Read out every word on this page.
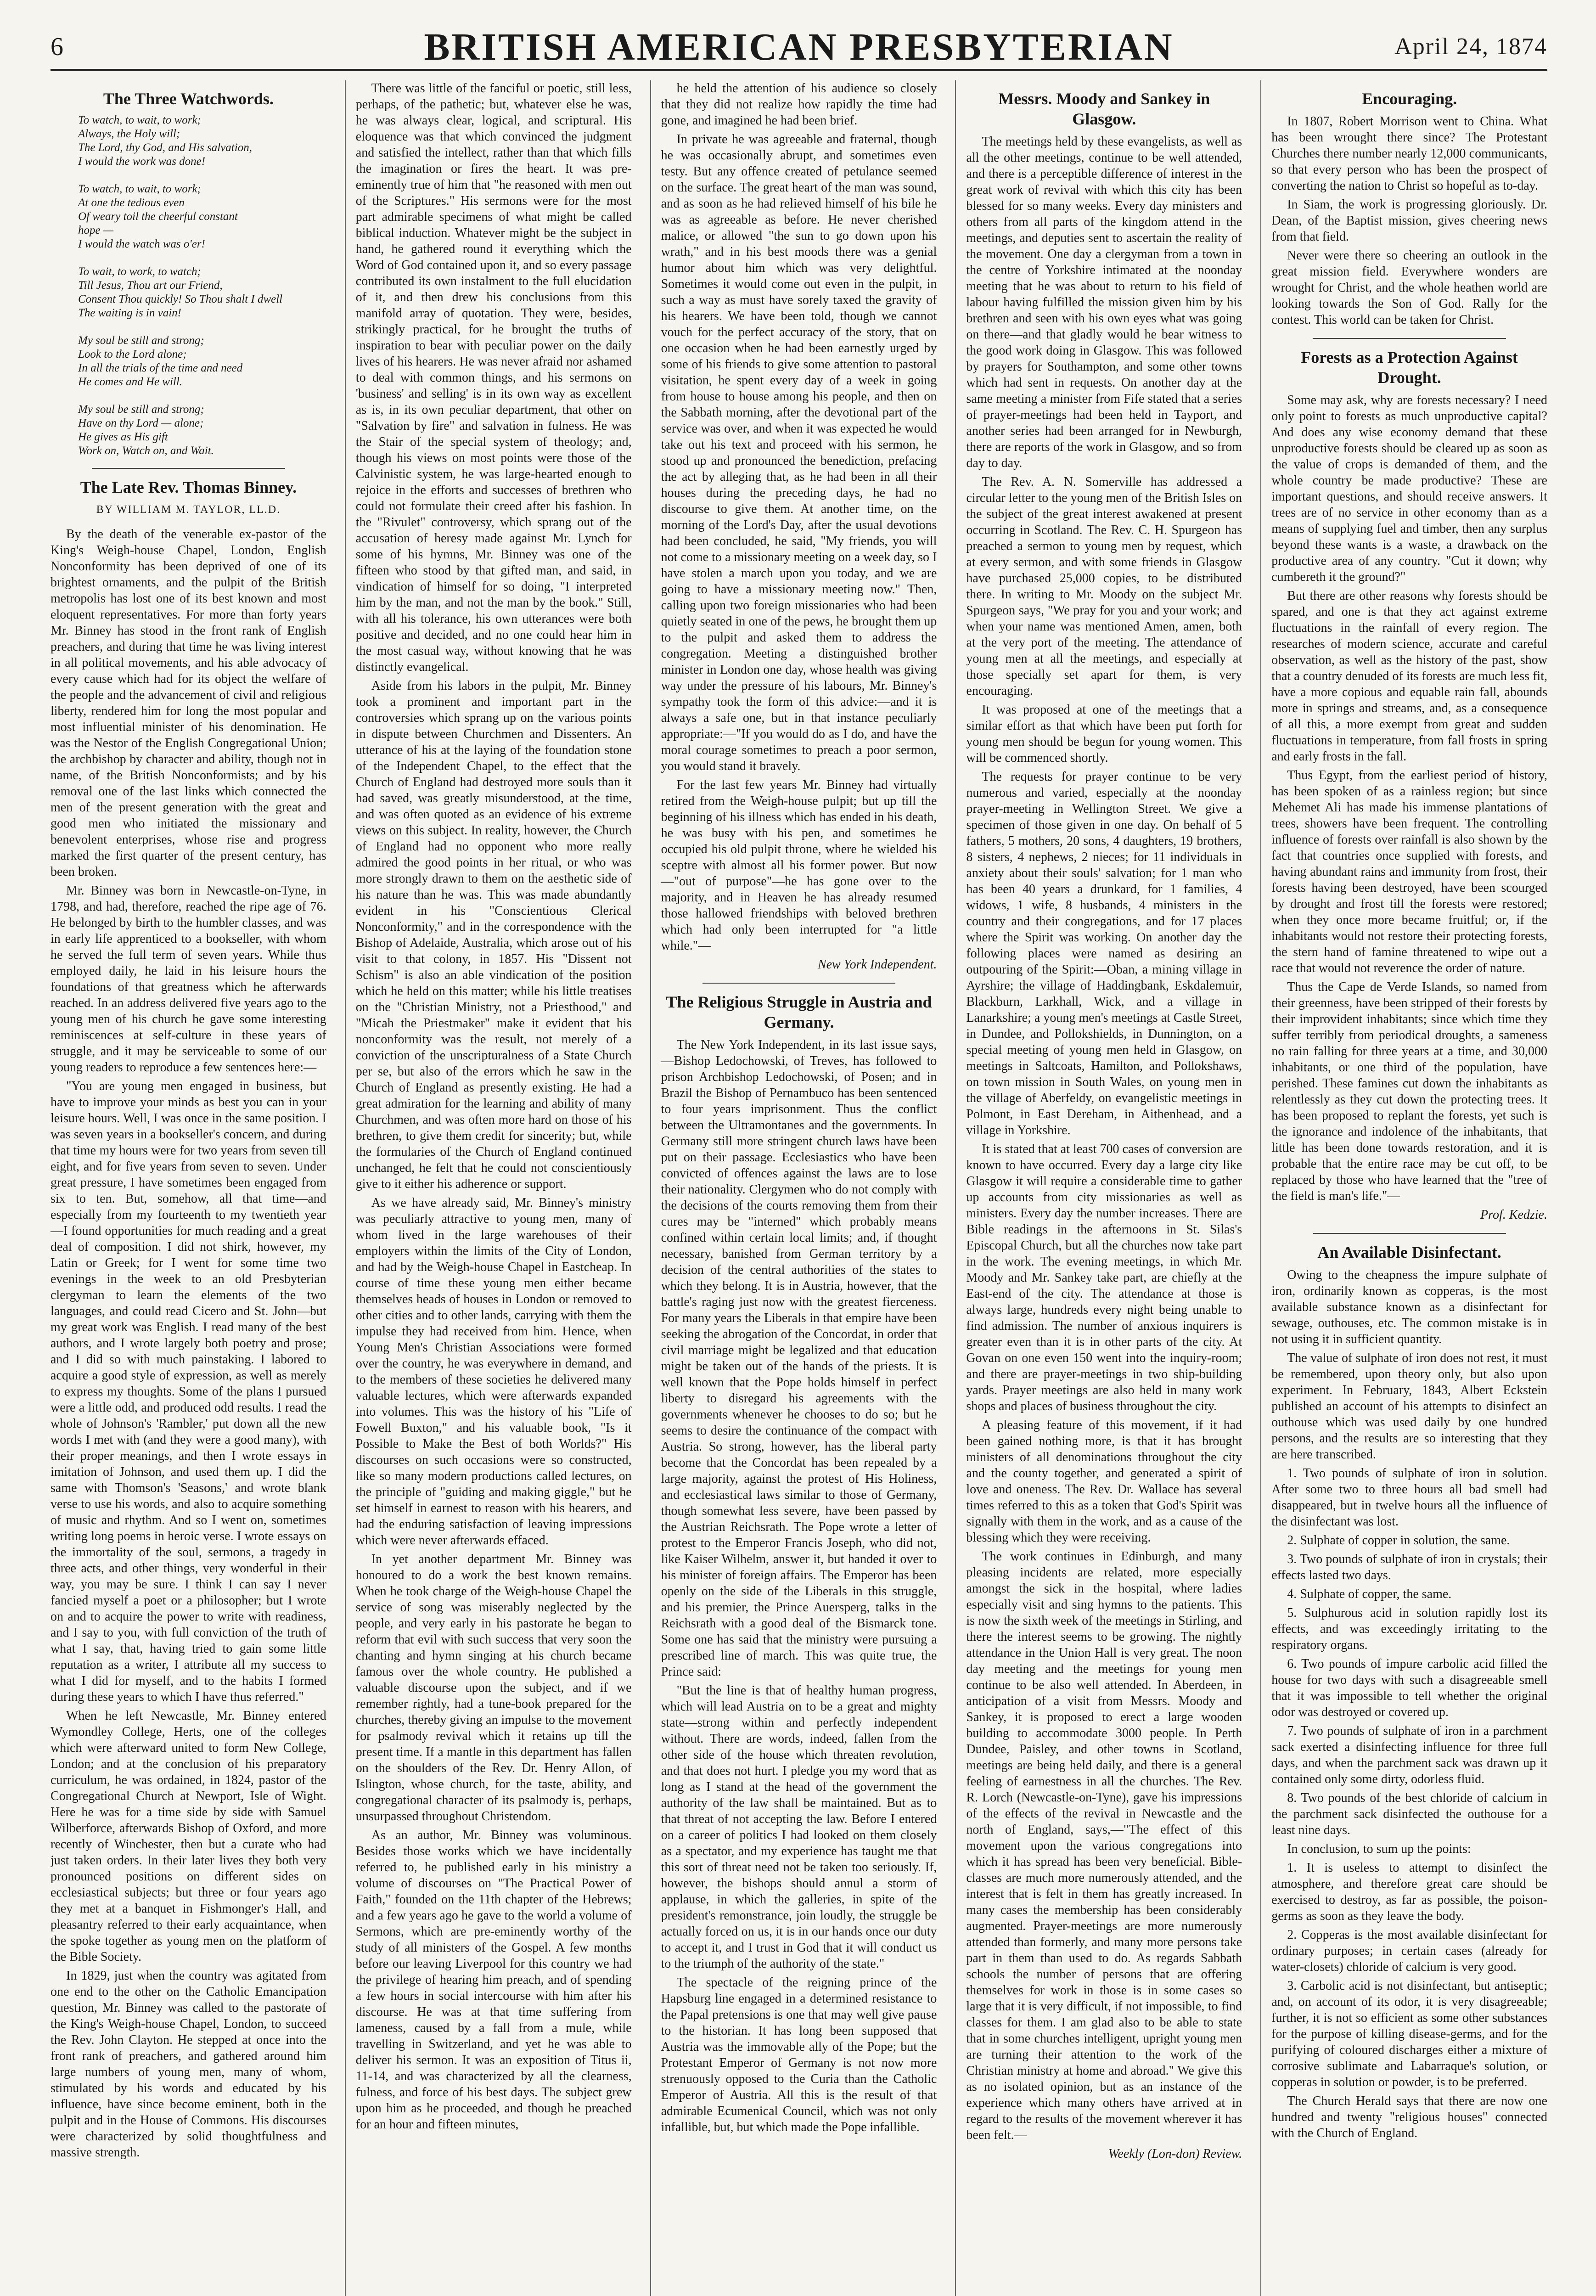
6	BRITISH AMERICAN PRESBYTERIAN	April 24, 1874
The Three Watchwords.
To watch, to wait, to work;
Always, the Holy will;
The Lord, thy God, and His salvation,
I would the work was done!

To watch, to wait, to work;
At one the tedious even
Of weary toil the cheerful constant
hope —
I would the watch was o'er!

To wait, to work, to watch;
Till Jesus, Thou art our Friend,
Consent Thou quickly! So Thou shalt I dwell
The waiting is in vain!

My soul be still and strong;
Look to the Lord alone;
In all the trials of the time and need
He comes and He will.

My soul be still and strong;
Have on thy Lord — alone;
He gives as His gift
Work on, Watch on, and Wait.
The Late Rev. Thomas Binney.
BY WILLIAM M. TAYLOR, LL.D.

By the death of the venerable ex-pastor of the King's Weigh-house Chapel, London, English Nonconformity has been deprived of one of its brightest ornaments, and the pulpit of the British metropolis has lost one of its best known and most eloquent representatives. For more than forty years Mr. Binney has stood in the front rank of English preachers, and during that time he was living interest in all political movements, and his able advocacy of every cause which had for its object the welfare of the people and the advancement of civil and religious liberty, rendered him for long the most popular and most influential minister of his denomination. He was the Nestor of the English Congregational Union; the archbishop by character and ability, though not in name, of the British Nonconformists; and by his removal one of the last links which connected the men of the present generation with the great and good men who initiated the missionary and benevolent enterprises, whose rise and progress marked the first quarter of the present century, has been broken.

Mr. Binney was born in Newcastle-on-Tyne, in 1798, and had, therefore, reached the ripe age of 76. He belonged by birth to the humbler classes, and was in early life apprenticed to a bookseller, with whom he served the full term of seven years. While thus employed daily, he laid in his leisure hours the foundations of that greatness which he afterwards reached. In an address delivered five years ago to the young men of his church he gave some interesting reminiscences at self-culture in these years of struggle, and it may be serviceable to some of our young readers to reproduce a few sentences here:—

"You are young men engaged in business, but have to improve your minds as best you can in your leisure hours. Well, I was once in the same position. I was seven years in a bookseller's concern, and during that time my hours were for two years from seven till eight, and for five years from seven to seven. Under great pressure, I have sometimes been engaged from six to ten. But, somehow, all that time—and especially from my fourteenth to my twentieth year—I found opportunities for much reading and a great deal of composition. I did not shirk, however, my Latin or Greek; for I went for some time two evenings in the week to an old Presbyterian clergyman to learn the elements of the two languages, and could read Cicero and St. John—but my great work was English. I read many of the best authors, and I wrote largely both poetry and prose; and I did so with much painstaking. I labored to acquire a good style of expression, as well as merely to express my thoughts. Some of the plans I pursued were a little odd, and produced odd results. I read the whole of Johnson's 'Rambler,' put down all the new words I met with (and they were a good many), with their proper meanings, and then I wrote essays in imitation of Johnson, and used them up. I did the same with Thomson's 'Seasons,' and wrote blank verse to use his words, and also to acquire something of music and rhythm. And so I went on, sometimes writing long poems in heroic verse. I wrote essays on the immortality of the soul, sermons, a tragedy in three acts, and other things, very wonderful in their way, you may be sure. I think I can say I never fancied myself a poet or a philosopher; but I wrote on and to acquire the power to write with readiness, and I say to you, with full conviction of the truth of what I say, that, having tried to gain some little reputation as a writer, I attribute all my success to what I did for myself, and to the habits I formed during these years to which I have thus referred."

When he left Newcastle, Mr. Binney entered Wymondley College, Herts, one of the colleges which were afterward united to form New College, London; and at the conclusion of his preparatory curriculum, he was ordained, in 1824, pastor of the Congregational Church at Newport, Isle of Wight. Here he was for a time side by side with Samuel Wilberforce, afterwards Bishop of Oxford, and more recently of Winchester, then but a curate who had just taken orders. In their later lives they both very pronounced positions on different sides on ecclesiastical subjects; but three or four years ago they met at a banquet in Fishmonger's Hall, and pleasantry referred to their early acquaintance, when the spoke together as young men on the platform of the Bible Society.

In 1829, just when the country was agitated from one end to the other on the Catholic Emancipation question, Mr. Binney was called to the pastorate of the King's Weigh-house Chapel, London, to succeed the Rev. John Clayton. He stepped at once into the front rank of preachers, and gathered around him large numbers of young men, many of whom, stimulated by his words and educated by his influence, have since become eminent, both in the pulpit and in the House of Commons. His discourses were characterized by solid thoughtfulness and massive strength.

There was little of the fanciful or poetic, still less, perhaps, of the pathetic; but, whatever else he was, he was always clear, logical, and scriptural. His eloquence was that which convinced the judgment and satisfied the intellect, rather than that which fills the imagination or fires the heart. It was pre-eminently true of him that "he reasoned with men out of the Scriptures." His sermons were for the most part admirable specimens of what might be called biblical induction. Whatever might be the subject in hand, he gathered round it everything which the Word of God contained upon it, and so every passage contributed its own instalment to the full elucidation of it, and then drew his conclusions from this manifold array of quotation. They were, besides, strikingly practical, for he brought the truths of inspiration to bear with peculiar power on the daily lives of his hearers. He was never afraid nor ashamed to deal with common things, and his sermons on 'business' and selling' is in its own way as excellent as is, in its own peculiar department, that other on "Salvation by fire" and salvation in fulness. He was the Stair of the special system of theology; and, though his views on most points were those of the Calvinistic system, he was large-hearted enough to rejoice in the efforts and successes of brethren who could not formulate their creed after his fashion. In the "Rivulet" controversy, which sprang out of the accusation of heresy made against Mr. Lynch for some of his hymns, Mr. Binney was one of the fifteen who stood by that gifted man, and said, in vindication of himself for so doing, "I interpreted him by the man, and not the man by the book." Still, with all his tolerance, his own utterances were both positive and decided, and no one could hear him in the most casual way, without knowing that he was distinctly evangelical.

Aside from his labors in the pulpit, Mr. Binney took a prominent and important part in the controversies which sprang up on the various points in dispute between Churchmen and Dissenters. An utterance of his at the laying of the foundation stone of the Independent Chapel, to the effect that the Church of England had destroyed more souls than it had saved, was greatly misunderstood, at the time, and was often quoted as an evidence of his extreme views on this subject. In reality, however, the Church of England had no opponent who more really admired the good points in her ritual, or who was more strongly drawn to them on the aesthetic side of his nature than he was. This was made abundantly evident in his "Conscientious Clerical Nonconformity," and in the correspondence with the Bishop of Adelaide, Australia, which arose out of his visit to that colony, in 1857. His "Dissent not Schism" is also an able vindication of the position which he held on this matter; while his little treatises on the "Christian Ministry, not a Priesthood," and "Micah the Priestmaker" make it evident that his nonconformity was the result, not merely of a conviction of the unscripturalness of a State Church per se, but also of the errors which he saw in the Church of England as presently existing. He had a great admiration for the learning and ability of many Churchmen, and was often more hard on those of his brethren, to give them credit for sincerity; but, while the formularies of the Church of England continued unchanged, he felt that he could not conscientiously give to it either his adherence or support.

As we have already said, Mr. Binney's ministry was peculiarly attractive to young men, many of whom lived in the large warehouses of their employers within the limits of the City of London, and had by the Weigh-house Chapel in Eastcheap. In course of time these young men either became themselves heads of houses in London or removed to other cities and to other lands, carrying with them the impulse they had received from him. Hence, when Young Men's Christian Associations were formed over the country, he was everywhere in demand, and to the members of these societies he delivered many valuable lectures, which were afterwards expanded into volumes. This was the history of his "Life of Fowell Buxton," and his valuable book, "Is it Possible to Make the Best of both Worlds?" His discourses on such occasions were so constructed, like so many modern productions called lectures, on the principle of "guiding and making giggle," but he set himself in earnest to reason with his hearers, and had the enduring satisfaction of leaving impressions which were never afterwards effaced.

In yet another department Mr. Binney was honoured to do a work the best known remains. When he took charge of the Weigh-house Chapel the service of song was miserably neglected by the people, and very early in his pastorate he began to reform that evil with such success that very soon the chanting and hymn singing at his church became famous over the whole country. He published a valuable discourse upon the subject, and if we remember rightly, had a tune-book prepared for the churches, thereby giving an impulse to the movement for psalmody revival which it retains up till the present time. If a mantle in this department has fallen on the shoulders of the Rev. Dr. Henry Allon, of Islington, whose church, for the taste, ability, and congregational character of its psalmody is, perhaps, unsurpassed throughout Christendom.

As an author, Mr. Binney was voluminous. Besides those works which we have incidentally referred to, he published early in his ministry a volume of discourses on "The Practical Power of Faith," founded on the 11th chapter of the Hebrews; and a few years ago he gave to the world a volume of Sermons, which are pre-eminently worthy of the study of all ministers of the Gospel. A few months before our leaving Liverpool for this country we had the privilege of hearing him preach, and of spending a few hours in social intercourse with him after his discourse. He was at that time suffering from lameness, caused by a fall from a mule, while travelling in Switzerland, and yet he was able to deliver his sermon. It was an exposition of Titus ii, 11-14, and was characterized by all the clearness, fulness, and force of his best days. The subject grew upon him as he proceeded, and though he preached for an hour and fifteen minutes,

he held the attention of his audience so closely that they did not realize how rapidly the time had gone, and imagined he had been brief.

In private he was agreeable and fraternal, though he was occasionally abrupt, and sometimes even testy. But any offence created of petulance seemed on the surface. The great heart of the man was sound, and as soon as he had relieved himself of his bile he was as agreeable as before. He never cherished malice, or allowed "the sun to go down upon his wrath," and in his best moods there was a genial humor about him which was very delightful. Sometimes it would come out even in the pulpit, in such a way as must have sorely taxed the gravity of his hearers. We have been told, though we cannot vouch for the perfect accuracy of the story, that on one occasion when he had been earnestly urged by some of his friends to give some attention to pastoral visitation, he spent every day of a week in going from house to house among his people, and then on the Sabbath morning, after the devotional part of the service was over, and when it was expected he would take out his text and proceed with his sermon, he stood up and pronounced the benediction, prefacing the act by alleging that, as he had been in all their houses during the preceding days, he had no discourse to give them. At another time, on the morning of the Lord's Day, after the usual devotions had been concluded, he said, "My friends, you will not come to a missionary meeting on a week day, so I have stolen a march upon you today, and we are going to have a missionary meeting now." Then, calling upon two foreign missionaries who had been quietly seated in one of the pews, he brought them up to the pulpit and asked them to address the congregation. Meeting a distinguished brother minister in London one day, whose health was giving way under the pressure of his labours, Mr. Binney's sympathy took the form of this advice:—and it is always a safe one, but in that instance peculiarly appropriate:—"If you would do as I do, and have the moral courage sometimes to preach a poor sermon, you would stand it bravely.

For the last few years Mr. Binney had virtually retired from the Weigh-house pulpit; but up till the beginning of his illness which has ended in his death, he was busy with his pen, and sometimes he occupied his old pulpit throne, where he wielded his sceptre with almost all his former power. But now—"out of purpose"—he has gone over to the majority, and in Heaven he has already resumed those hallowed friendships with beloved brethren which had only been interrupted for "a little while."—

New York Independent.
The Religious Struggle in Austria and Germany.

The New York Independent, in its last issue says,—Bishop Ledochowski, of Treves, has followed to prison Archbishop Ledochowski, of Posen; and in Brazil the Bishop of Pernambuco has been sentenced to four years imprisonment. Thus the conflict between the Ultramontanes and the governments. In Germany still more stringent church laws have been put on their passage. Ecclesiastics who have been convicted of offences against the laws are to lose their nationality. Clergymen who do not comply with the decisions of the courts removing them from their cures may be "interned" which probably means confined within certain local limits; and, if thought necessary, banished from German territory by a decision of the central authorities of the states to which they belong. It is in Austria, however, that the battle's raging just now with the greatest fierceness. For many years the Liberals in that empire have been seeking the abrogation of the Concordat, in order that civil marriage might be legalized and that education might be taken out of the hands of the priests. It is well known that the Pope holds himself in perfect liberty to disregard his agreements with the governments whenever he chooses to do so; but he seems to desire the continuance of the compact with Austria. So strong, however, has the liberal party become that the Concordat has been repealed by a large majority, against the protest of His Holiness, and ecclesiastical laws similar to those of Germany, though somewhat less severe, have been passed by the Austrian Reichsrath. The Pope wrote a letter of protest to the Emperor Francis Joseph, who did not, like Kaiser Wilhelm, answer it, but handed it over to his minister of foreign affairs. The Emperor has been openly on the side of the Liberals in this struggle, and his premier, the Prince Auersperg, talks in the Reichsrath with a good deal of the Bismarck tone. Some one has said that the ministry were pursuing a prescribed line of march. This was quite true, the Prince said:

"But the line is that of healthy human progress, which will lead Austria on to be a great and mighty state—strong within and perfectly independent without. There are words, indeed, fallen from the other side of the house which threaten revolution, and that does not hurt. I pledge you my word that as long as I stand at the head of the government the authority of the law shall be maintained. But as to that threat of not accepting the law. Before I entered on a career of politics I had looked on them closely as a spectator, and my experience has taught me that this sort of threat need not be taken too seriously. If, however, the bishops should annul a storm of applause, in which the galleries, in spite of the president's remonstrance, join loudly, the struggle be actually forced on us, it is in our hands once our duty to accept it, and I trust in God that it will conduct us to the triumph of the authority of the state."

The spectacle of the reigning prince of the Hapsburg line engaged in a determined resistance to the Papal pretensions is one that may well give pause to the historian. It has long been supposed that Austria was the immovable ally of the Pope; but the Protestant Emperor of Germany is not now more strenuously opposed to the Curia than the Catholic Emperor of Austria. All this is the result of that admirable Ecumenical Council, which was not only infallible, but, but which made the Pope infallible.

Messrs. Moody and Sankey in Glasgow.

The meetings held by these evangelists, as well as all the other meetings, continue to be well attended, and there is a perceptible difference of interest in the great work of revival with which this city has been blessed for so many weeks. Every day ministers and others from all parts of the kingdom attend in the meetings, and deputies sent to ascertain the reality of the movement. One day a clergyman from a town in the centre of Yorkshire intimated at the noonday meeting that he was about to return to his field of labour having fulfilled the mission given him by his brethren and seen with his own eyes what was going on there—and that gladly would he bear witness to the good work doing in Glasgow. This was followed by prayers for Southampton, and some other towns which had sent in requests. On another day at the same meeting a minister from Fife stated that a series of prayer-meetings had been held in Tayport, and another series had been arranged for in Newburgh, there are reports of the work in Glasgow, and so from day to day.

The Rev. A. N. Somerville has addressed a circular letter to the young men of the British Isles on the subject of the great interest awakened at present occurring in Scotland. The Rev. C. H. Spurgeon has preached a sermon to young men by request, which at every sermon, and with some friends in Glasgow have purchased 25,000 copies, to be distributed there. In writing to Mr. Moody on the subject Mr. Spurgeon says, "We pray for you and your work; and when your name was mentioned Amen, amen, both at the very port of the meeting. The attendance of young men at all the meetings, and especially at those specially set apart for them, is very encouraging.

It was proposed at one of the meetings that a similar effort as that which have been put forth for young men should be begun for young women. This will be commenced shortly.

The requests for prayer continue to be very numerous and varied, especially at the noonday prayer-meeting in Wellington Street. We give a specimen of those given in one day. On behalf of 5 fathers, 5 mothers, 20 sons, 4 daughters, 19 brothers, 8 sisters, 4 nephews, 2 nieces; for 11 individuals in anxiety about their souls' salvation; for 1 man who has been 40 years a drunkard, for 1 families, 4 widows, 1 wife, 8 husbands, 4 ministers in the country and their congregations, and for 17 places where the Spirit was working. On another day the following places were named as desiring an outpouring of the Spirit:—Oban, a mining village in Ayrshire; the village of Haddingbank, Eskdalemuir, Blackburn, Larkhall, Wick, and a village in Lanarkshire; a young men's meetings at Castle Street, in Dundee, and Pollokshields, in Dunnington, on a special meeting of young men held in Glasgow, on meetings in Saltcoats, Hamilton, and Pollokshaws, on town mission in South Wales, on young men in the village of Aberfeldy, on evangelistic meetings in Polmont, in East Dereham, in Aithenhead, and a village in Yorkshire.

It is stated that at least 700 cases of conversion are known to have occurred. Every day a large city like Glasgow it will require a considerable time to gather up accounts from city missionaries as well as ministers. Every day the number increases. There are Bible readings in the afternoons in St. Silas's Episcopal Church, but all the churches now take part in the work. The evening meetings, in which Mr. Moody and Mr. Sankey take part, are chiefly at the East-end of the city. The attendance at those is always large, hundreds every night being unable to find admission. The number of anxious inquirers is greater even than it is in other parts of the city. At Govan on one even 150 went into the inquiry-room; and there are prayer-meetings in two ship-building yards. Prayer meetings are also held in many work shops and places of business throughout the city.

A pleasing feature of this movement, if it had been gained nothing more, is that it has brought ministers of all denominations throughout the city and the county together, and generated a spirit of love and oneness. The Rev. Dr. Wallace has several times referred to this as a token that God's Spirit was signally with them in the work, and as a cause of the blessing which they were receiving.

The work continues in Edinburgh, and many pleasing incidents are related, more especially amongst the sick in the hospital, where ladies especially visit and sing hymns to the patients. This is now the sixth week of the meetings in Stirling, and there the interest seems to be growing. The nightly attendance in the Union Hall is very great. The noon day meeting and the meetings for young men continue to be also well attended. In Aberdeen, in anticipation of a visit from Messrs. Moody and Sankey, it is proposed to erect a large wooden building to accommodate 3000 people. In Perth Dundee, Paisley, and other towns in Scotland, meetings are being held daily, and there is a general feeling of earnestness in all the churches. The Rev. R. Lorch (Newcastle-on-Tyne), gave his impressions of the effects of the revival in Newcastle and the north of England, says,—"The effect of this movement upon the various congregations into which it has spread has been very beneficial. Bible-classes are much more numerously attended, and the interest that is felt in them has greatly increased. In many cases the membership has been considerably augmented. Prayer-meetings are more numerously attended than formerly, and many more persons take part in them than used to do. As regards Sabbath schools the number of persons that are offering themselves for work in those is in some cases so large that it is very difficult, if not impossible, to find classes for them. I am glad also to be able to state that in some churches intelligent, upright young men are turning their attention to the work of the Christian ministry at home and abroad." We give this as no isolated opinion, but as an instance of the experience which many others have arrived at in regard to the results of the movement wherever it has been felt.—

Weekly (Lon-don) Review.
Encouraging.

In 1807, Robert Morrison went to China. What has been wrought there since? The Protestant Churches there number nearly 12,000 communicants, so that every person who has been the prospect of converting the nation to Christ so hopeful as to-day.

In Siam, the work is progressing gloriously. Dr. Dean, of the Baptist mission, gives cheering news from that field.

Never were there so cheering an outlook in the great mission field. Everywhere wonders are wrought for Christ, and the whole heathen world are looking towards the Son of God. Rally for the contest. This world can be taken for Christ.

Forests as a Protection Against Drought.

Some may ask, why are forests necessary? I need only point to forests as much unproductive capital? And does any wise economy demand that these unproductive forests should be cleared up as soon as the value of crops is demanded of them, and the whole country be made productive? These are important questions, and should receive answers. It trees are of no service in other economy than as a means of supplying fuel and timber, then any surplus beyond these wants is a waste, a drawback on the productive area of any country. "Cut it down; why cumbereth it the ground?"

But there are other reasons why forests should be spared, and one is that they act against extreme fluctuations in the rainfall of every region. The researches of modern science, accurate and careful observation, as well as the history of the past, show that a country denuded of its forests are much less fit, have a more copious and equable rain fall, abounds more in springs and streams, and, as a consequence of all this, a more exempt from great and sudden fluctuations in temperature, from fall frosts in spring and early frosts in the fall.

Thus Egypt, from the earliest period of history, has been spoken of as a rainless region; but since Mehemet Ali has made his immense plantations of trees, showers have been frequent. The controlling influence of forests over rainfall is also shown by the fact that countries once supplied with forests, and having abundant rains and immunity from frost, their forests having been destroyed, have been scourged by drought and frost till the forests were restored; when they once more became fruitful; or, if the inhabitants would not restore their protecting forests, the stern hand of famine threatened to wipe out a race that would not reverence the order of nature.

Thus the Cape de Verde Islands, so named from their greenness, have been stripped of their forests by their improvident inhabitants; since which time they suffer terribly from periodical droughts, a sameness no rain falling for three years at a time, and 30,000 inhabitants, or one third of the population, have perished. These famines cut down the inhabitants as relentlessly as they cut down the protecting trees. It has been proposed to replant the forests, yet such is the ignorance and indolence of the inhabitants, that little has been done towards restoration, and it is probable that the entire race may be cut off, to be replaced by those who have learned that the "tree of the field is man's life."—

Prof. Kedzie.
An Available Disinfectant.

Owing to the cheapness the impure sulphate of iron, ordinarily known as copperas, is the most available substance known as a disinfectant for sewage, outhouses, etc. The common mistake is in not using it in sufficient quantity.

The value of sulphate of iron does not rest, it must be remembered, upon theory only, but also upon experiment. In February, 1843, Albert Eckstein published an account of his attempts to disinfect an outhouse which was used daily by one hundred persons, and the results are so interesting that they are here transcribed.

1. Two pounds of sulphate of iron in solution. After some two to three hours all bad smell had disappeared, but in twelve hours all the influence of the disinfectant was lost.

2. Sulphate of copper in solution, the same.

3. Two pounds of sulphate of iron in crystals; their effects lasted two days.

4. Sulphate of copper, the same.

5. Sulphurous acid in solution rapidly lost its effects, and was exceedingly irritating to the respiratory organs.

6. Two pounds of impure carbolic acid filled the house for two days with such a disagreeable smell that it was impossible to tell whether the original odor was destroyed or covered up.

7. Two pounds of sulphate of iron in a parchment sack exerted a disinfecting influence for three full days, and when the parchment sack was drawn up it contained only some dirty, odorless fluid.

8. Two pounds of the best chloride of calcium in the parchment sack disinfected the outhouse for a least nine days.

In conclusion, to sum up the points:

1. It is useless to attempt to disinfect the atmosphere, and therefore great care should be exercised to destroy, as far as possible, the poison-germs as soon as they leave the body.

2. Copperas is the most available disinfectant for ordinary purposes; in certain cases (already for water-closets) chloride of calcium is very good.

3. Carbolic acid is not disinfectant, but antiseptic; and, on account of its odor, it is very disagreeable; further, it is not so efficient as some other substances for the purpose of killing disease-germs, and for the purifying of coloured discharges either a mixture of corrosive sublimate and Labarraque's solution, or copperas in solution or powder, is to be preferred.

The Church Herald says that there are now one hundred and twenty "religious houses" connected with the Church of England.
